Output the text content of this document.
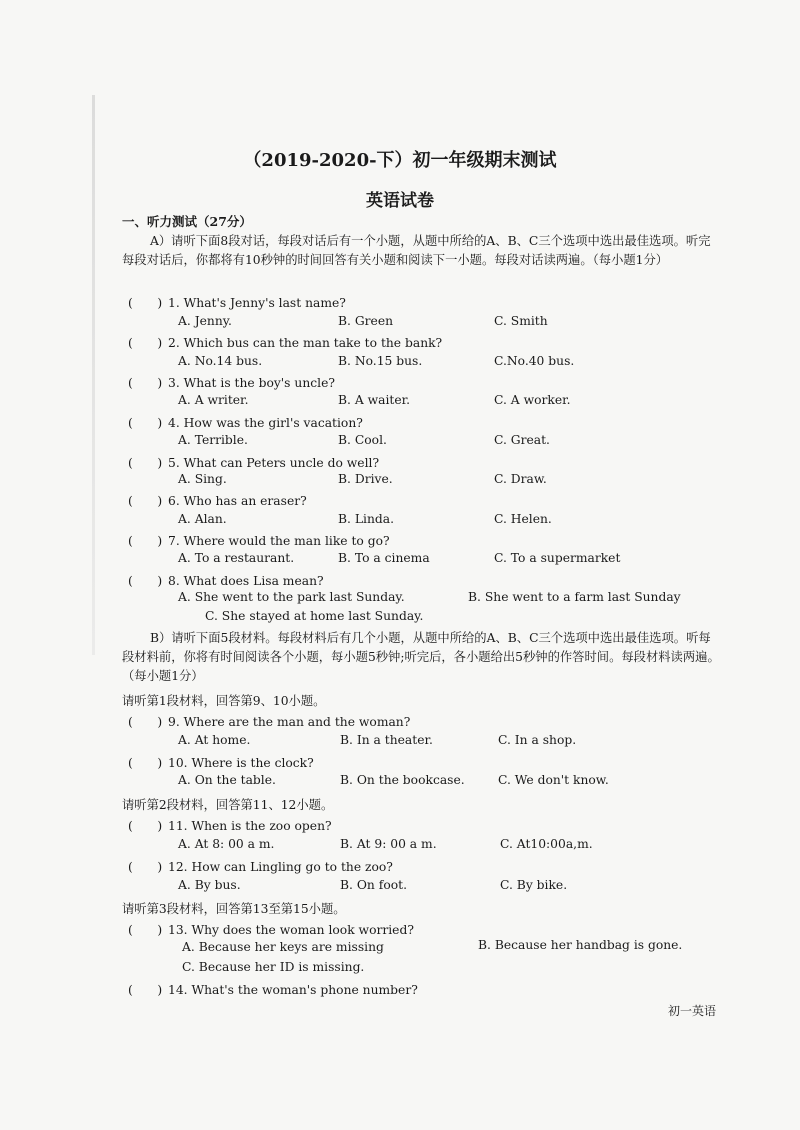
（2019-2020-下）初一年级期末测试
英语试卷
一、听力测试（27分）
A）请听下面8段对话，每段对话后有一个小题，从题中所给的A、B、C三个选项中选出最佳选项。听完每段对话后，你都将有10秒钟的时间回答有关小题和阅读下一小题。每段对话读两遍。（每小题1分）
(　　) 1. What's Jenny's last name?
A. Jenny.	B. Green	C. Smith
(　　) 2. Which bus can the man take to the bank?
A. No.14 bus.	B. No.15 bus.	C.No.40 bus.
(　　) 3. What is the boy's uncle?
A. A writer.	B. A waiter.	C. A worker.
(　　) 4. How was the girl's vacation?
A. Terrible.	B. Cool.	C. Great.
(　　) 5. What can Peters uncle do well?
A. Sing.	B. Drive.	C. Draw.
(　　) 6. Who has an eraser?
A. Alan.	B. Linda.	C. Helen.
(　　) 7. Where would the man like to go?
A. To a restaurant.	B. To a cinema	C. To a supermarket
(　　) 8. What does Lisa mean?
A. She went to the park last Sunday.	B. She went to a farm last Sunday
C. She stayed at home last Sunday.
B）请听下面5段材料。每段材料后有几个小题，从题中所给的A、B、C三个选项中选出最佳选项。听每段材料前，你将有时间阅读各个小题，每小题5秒钟;听完后，各小题给出5秒钟的作答时间。每段材料读两遍。（每小题1分）
请听第1段材料，回答第9、10小题。
(　　) 9. Where are the man and the woman?
A. At home.	B. In a theater.	C. In a shop.
(　　) 10. Where is the clock?
A. On the table.	B. On the bookcase.	C. We don't know.
请听第2段材料，回答第11、12小题。
(　　) 11. When is the zoo open?
A. At 8: 00 a m.	B. At 9: 00 a m.	C. At10:00a,m.
(　　) 12. How can Lingling go to the zoo?
A. By bus.	B. On foot.	C. By bike.
请听第3段材料，回答第13至第15小题。
(　　) 13. Why does the woman look worried?
A. Because her keys are missing	B. Because her handbag is gone.
C. Because her ID is missing.
(　　) 14. What's the woman's phone number?
初一英语
